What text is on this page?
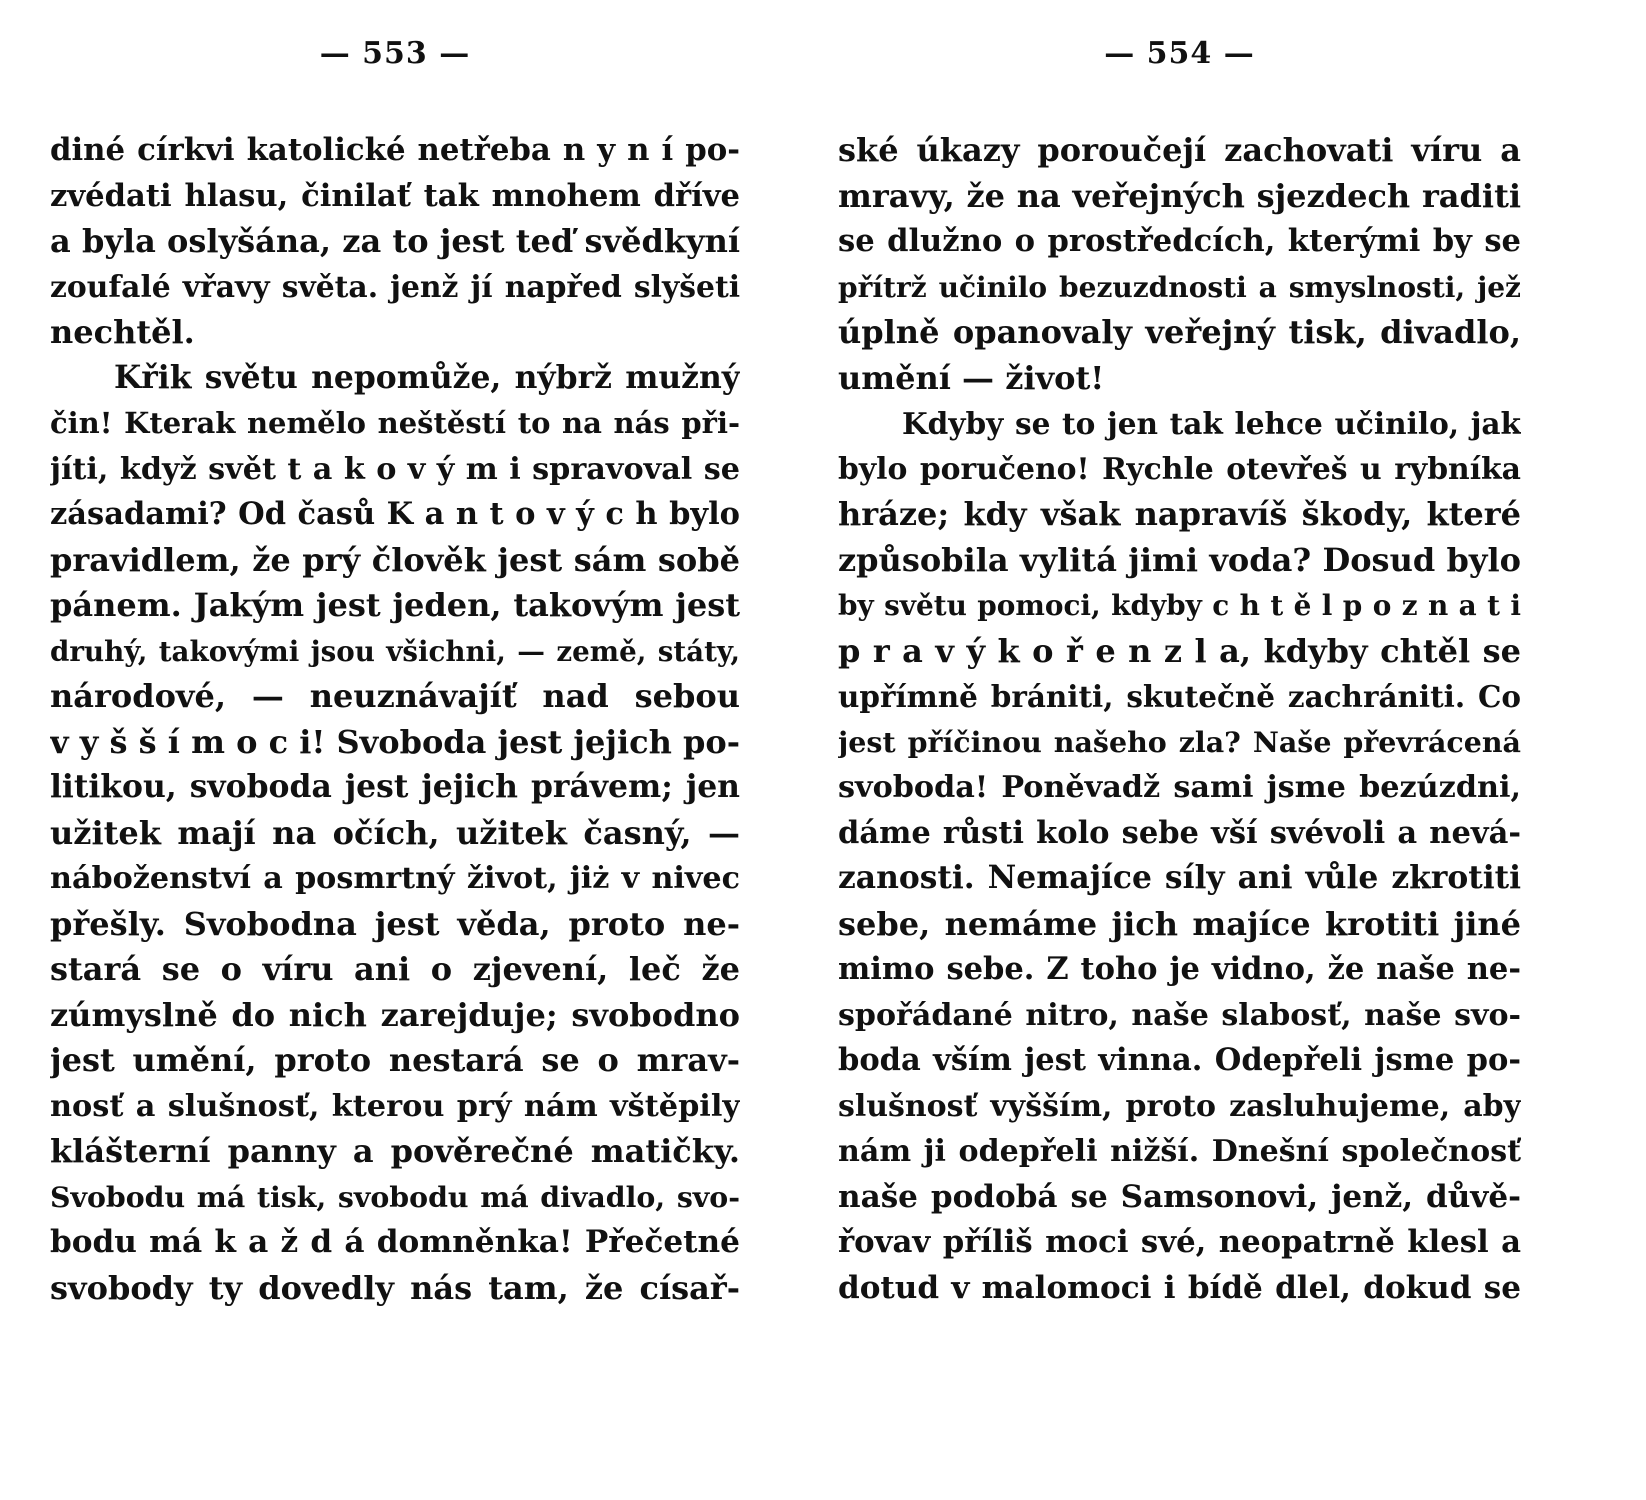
— 553 —
diné církvi katolické netřeba n y n í po-
zvédati hlasu, činilať tak mnohem dříve
a byla oslyšána, za to jest teď svědkyní
zoufalé vřavy světa. jenž jí napřed slyšeti
nechtěl.
Křik světu nepomůže, nýbrž mužný
čin! Kterak nemělo neštěstí to na nás při-
jíti, když svět t a k o v ý m i spravoval se
zásadami? Od časů K a n t o v ý c h bylo
pravidlem, že prý člověk jest sám sobě
pánem. Jakým jest jeden, takovým jest
druhý, takovými jsou všichni, — země, státy,
národové, — neuznávajíť nad sebou
v y š š í m o c i! Svoboda jest jejich po-
litikou, svoboda jest jejich právem; jen
užitek mají na očích, užitek časný, —
náboženství a posmrtný život, jiż v nivec
přešly. Svobodna jest věda, proto ne-
stará se o víru ani o zjevení, leč že
zúmyslně do nich zarejduje; svobodno
jest umění, proto nestará se o mrav-
nosť a slušnosť, kterou prý nám vštěpily
klášterní panny a pověrečné matičky.
Svobodu má tisk, svobodu má divadlo, svo-
bodu má k a ž d á domněnka! Přečetné
svobody ty dovedly nás tam, že císař-
— 554 —
ské úkazy poroučejí zachovati víru a
mravy, že na veřejných sjezdech raditi
se dlužno o prostředcích, kterými by se
přítrž učinilo bezuzdnosti a smyslnosti, jež
úplně opanovaly veřejný tisk, divadlo,
umění — život!
Kdyby se to jen tak lehce učinilo, jak
bylo poručeno! Rychle otevřeš u rybníka
hráze; kdy však napravíš škody, které
způsobila vylitá jimi voda? Dosud bylo
by světu pomoci, kdyby c h t ě l p o z n a t i
p r a v ý k o ř e n z l a, kdyby chtěl se
upřímně brániti, skutečně zachrániti. Co
jest příčinou našeho zla? Naše převrácená
svoboda! Poněvadž sami jsme bezúzdni,
dáme růsti kolo sebe vší svévoli a nevá-
zanosti. Nemajíce síly ani vůle zkrotiti
sebe, nemáme jich majíce krotiti jiné
mimo sebe. Z toho je vidno, že naše ne-
spořádané nitro, naše slabosť, naše svo-
boda vším jest vinna. Odepřeli jsme po-
slušnosť vyšším, proto zasluhujeme, aby
nám ji odepřeli nižší. Dnešní společnosť
naše podobá se Samsonovi, jenž, důvě-
řovav příliš moci své, neopatrně klesl a
dotud v malomoci i bídě dlel, dokud se
